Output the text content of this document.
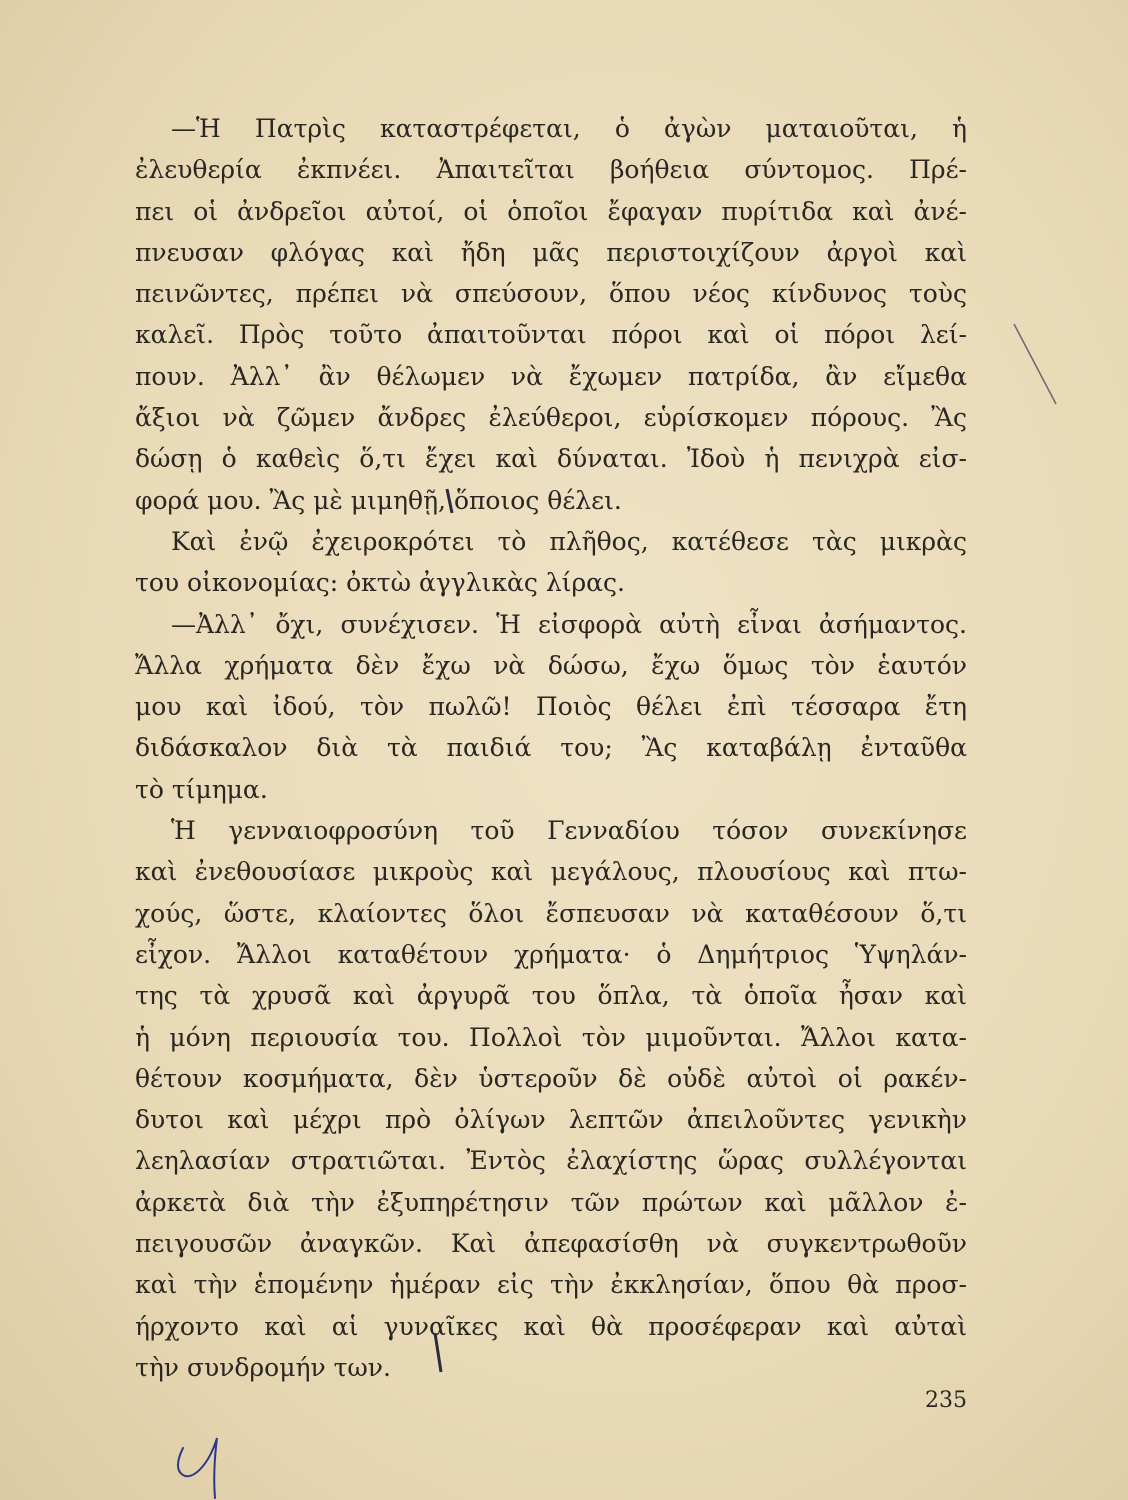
—Ἡ Πατρὶς καταστρέφεται, ὁ ἀγὼν ματαιοῦται, ἡ
ἐλευθερία ἐκπνέει. Ἀπαιτεῖται βοήθεια σύντομος. Πρέ-
πει οἱ ἀνδρεῖοι αὐτοί, οἱ ὁποῖοι ἔφαγαν πυρίτιδα καὶ ἀνέ-
πνευσαν φλόγας καὶ ἤδη μᾶς περιστοιχίζουν ἀργοὶ καὶ
πεινῶντες, πρέπει νὰ σπεύσουν, ὅπου νέος κίνδυνος τοὺς
καλεῖ. Πρὸς τοῦτο ἀπαιτοῦνται πόροι καὶ οἱ πόροι λεί-
πουν. Ἀλλ᾿ ἂν θέλωμεν νὰ ἔχωμεν πατρίδα, ἂν εἴμεθα
ἄξιοι νὰ ζῶμεν ἄνδρες ἐλεύθεροι, εὑρίσκομεν πόρους. Ἂς
δώσῃ ὁ καθεὶς ὅ,τι ἔχει καὶ δύναται. Ἰδοὺ ἡ πενιχρὰ εἰσ-
φορά μου. Ἂς μὲ μιμηθῇ, ὅποιος θέλει.
Καὶ ἐνῷ ἐχειροκρότει τὸ πλῆθος, κατέθεσε τὰς μικρὰς
του οἰκονομίας: ὀκτὼ ἀγγλικὰς λίρας.
—Ἀλλ᾿ ὄχι, συνέχισεν. Ἡ εἰσφορὰ αὐτὴ εἶναι ἀσήμαντος.
Ἄλλα χρήματα δὲν ἔχω νὰ δώσω, ἔχω ὅμως τὸν ἑαυτόν
μου καὶ ἰδού, τὸν πωλῶ! Ποιὸς θέλει ἐπὶ τέσσαρα ἔτη
διδάσκαλον διὰ τὰ παιδιά του; Ἂς καταβάλῃ ἐνταῦθα
τὸ τίμημα.
Ἡ γενναιοφροσύνη τοῦ Γενναδίου τόσον συνεκίνησε
καὶ ἐνεθουσίασε μικροὺς καὶ μεγάλους, πλουσίους καὶ πτω-
χούς, ὥστε, κλαίοντες ὅλοι ἔσπευσαν νὰ καταθέσουν ὅ,τι
εἶχον. Ἄλλοι καταθέτουν χρήματα· ὁ Δημήτριος Ὑψηλάν-
της τὰ χρυσᾶ καὶ ἀργυρᾶ του ὅπλα, τὰ ὁποῖα ἦσαν καὶ
ἡ μόνη περιουσία του. Πολλοὶ τὸν μιμοῦνται. Ἄλλοι κατα-
θέτουν κοσμήματα, δὲν ὑστεροῦν δὲ οὐδὲ αὐτοὶ οἱ ρακέν-
δυτοι καὶ μέχρι πρὸ ὀλίγων λεπτῶν ἀπειλοῦντες γενικὴν
λεηλασίαν στρατιῶται. Ἐντὸς ἐλαχίστης ὥρας συλλέγονται
ἀρκετὰ διὰ τὴν ἐξυπηρέτησιν τῶν πρώτων καὶ μᾶλλον ἐ-
πειγουσῶν ἀναγκῶν. Καὶ ἀπεφασίσθη νὰ συγκεντρωθοῦν
καὶ τὴν ἑπομένην ἡμέραν εἰς τὴν ἐκκλησίαν, ὅπου θὰ προσ-
ήρχοντο καὶ αἱ γυναῖκες καὶ θὰ προσέφεραν καὶ αὐταὶ
τὴν συνδρομήν των.
235
